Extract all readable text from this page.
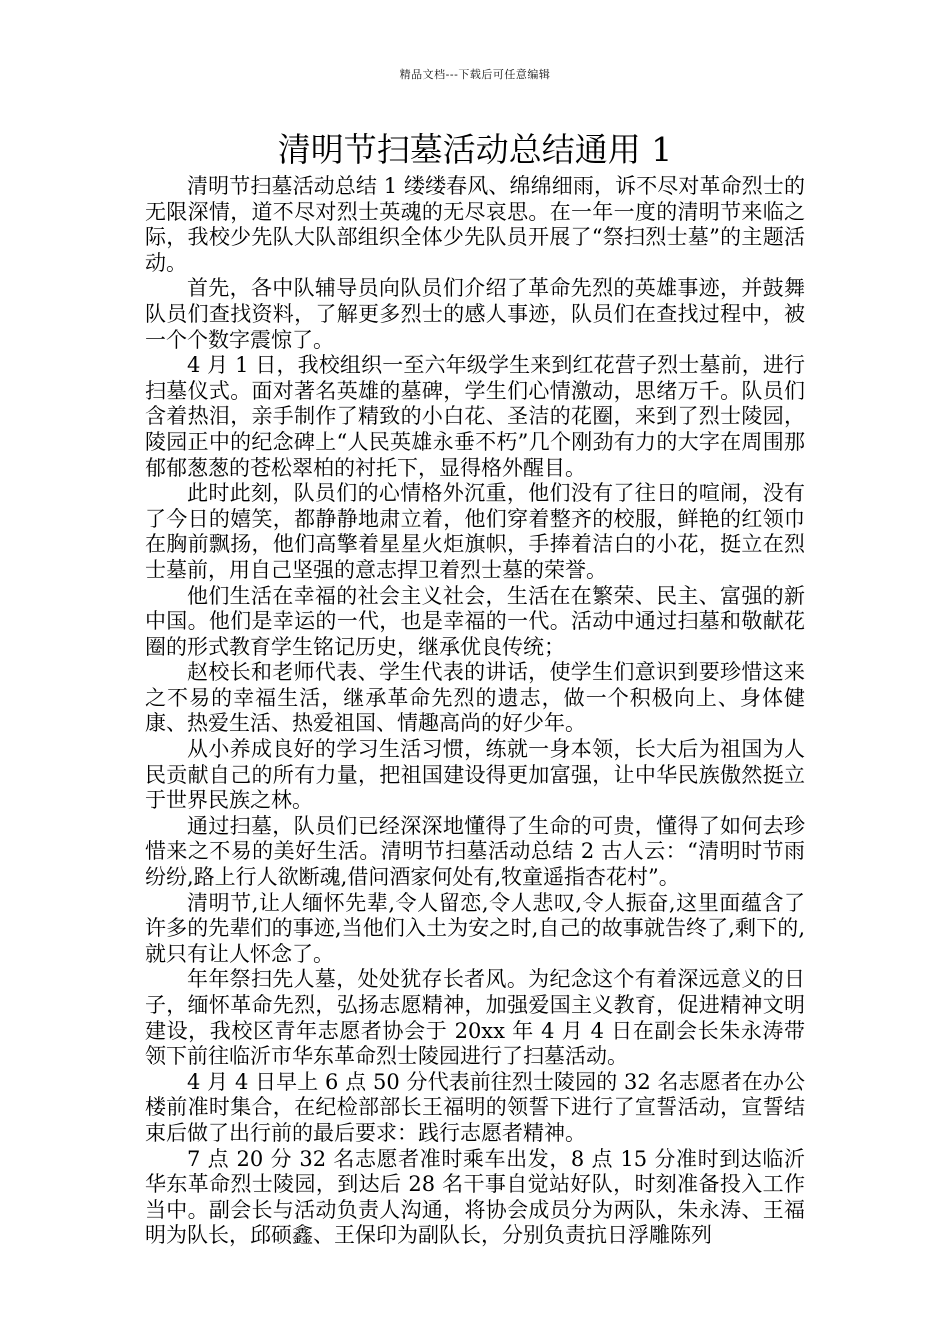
精品文档---下载后可任意编辑
清明节扫墓活动总结通用 1

清明节扫墓活动总结 1 缕缕春风、绵绵细雨，诉不尽对革命烈士的无限深情，道不尽对烈士英魂的无尽哀思。在一年一度的清明节来临之际，我校少先队大队部组织全体少先队员开展了“祭扫烈士墓”的主题活动。

首先，各中队辅导员向队员们介绍了革命先烈的英雄事迹，并鼓舞队员们查找资料，了解更多烈士的感人事迹，队员们在查找过程中，被一个个数字震惊了。

4 月 1 日，我校组织一至六年级学生来到红花营子烈士墓前，进行扫墓仪式。面对著名英雄的墓碑，学生们心情激动，思绪万千。队员们含着热泪，亲手制作了精致的小白花、圣洁的花圈，来到了烈士陵园，陵园正中的纪念碑上“人民英雄永垂不朽”几个刚劲有力的大字在周围那郁郁葱葱的苍松翠柏的衬托下，显得格外醒目。

此时此刻，队员们的心情格外沉重，他们没有了往日的喧闹，没有了今日的嬉笑，都静静地肃立着，他们穿着整齐的校服，鲜艳的红领巾在胸前飘扬，他们高擎着星星火炬旗帜，手捧着洁白的小花，挺立在烈士墓前，用自己坚强的意志捍卫着烈士墓的荣誉。

他们生活在幸福的社会主义社会，生活在在繁荣、民主、富强的新中国。他们是幸运的一代，也是幸福的一代。活动中通过扫墓和敬献花圈的形式教育学生铭记历史，继承优良传统；

赵校长和老师代表、学生代表的讲话，使学生们意识到要珍惜这来之不易的幸福生活，继承革命先烈的遗志，做一个积极向上、身体健康、热爱生活、热爱祖国、情趣高尚的好少年。

从小养成良好的学习生活习惯，练就一身本领，长大后为祖国为人民贡献自己的所有力量，把祖国建设得更加富强，让中华民族傲然挺立于世界民族之林。

通过扫墓，队员们已经深深地懂得了生命的可贵，懂得了如何去珍惜来之不易的美好生活。清明节扫墓活动总结 2 古人云：“清明时节雨纷纷,路上行人欲断魂,借问酒家何处有,牧童遥指杏花村”。

清明节,让人缅怀先辈,令人留恋,令人悲叹,令人振奋,这里面蕴含了许多的先辈们的事迹,当他们入土为安之时,自己的故事就告终了,剩下的,就只有让人怀念了。

年年祭扫先人墓，处处犹存长者风。为纪念这个有着深远意义的日子，缅怀革命先烈，弘扬志愿精神，加强爱国主义教育，促进精神文明建设，我校区青年志愿者协会于 20xx 年 4 月 4 日在副会长朱永涛带领下前往临沂市华东革命烈士陵园进行了扫墓活动。

4 月 4 日早上 6 点 50 分代表前往烈士陵园的 32 名志愿者在办公楼前准时集合，在纪检部部长王福明的领誓下进行了宣誓活动，宣誓结束后做了出行前的最后要求：践行志愿者精神。

7 点 20 分 32 名志愿者准时乘车出发，8 点 15 分准时到达临沂华东革命烈士陵园，到达后 28 名干事自觉站好队，时刻准备投入工作当中。副会长与活动负责人沟通，将协会成员分为两队，朱永涛、王福明为队长，邱硕鑫、王保印为副队长，分别负责抗日浮雕陈列
